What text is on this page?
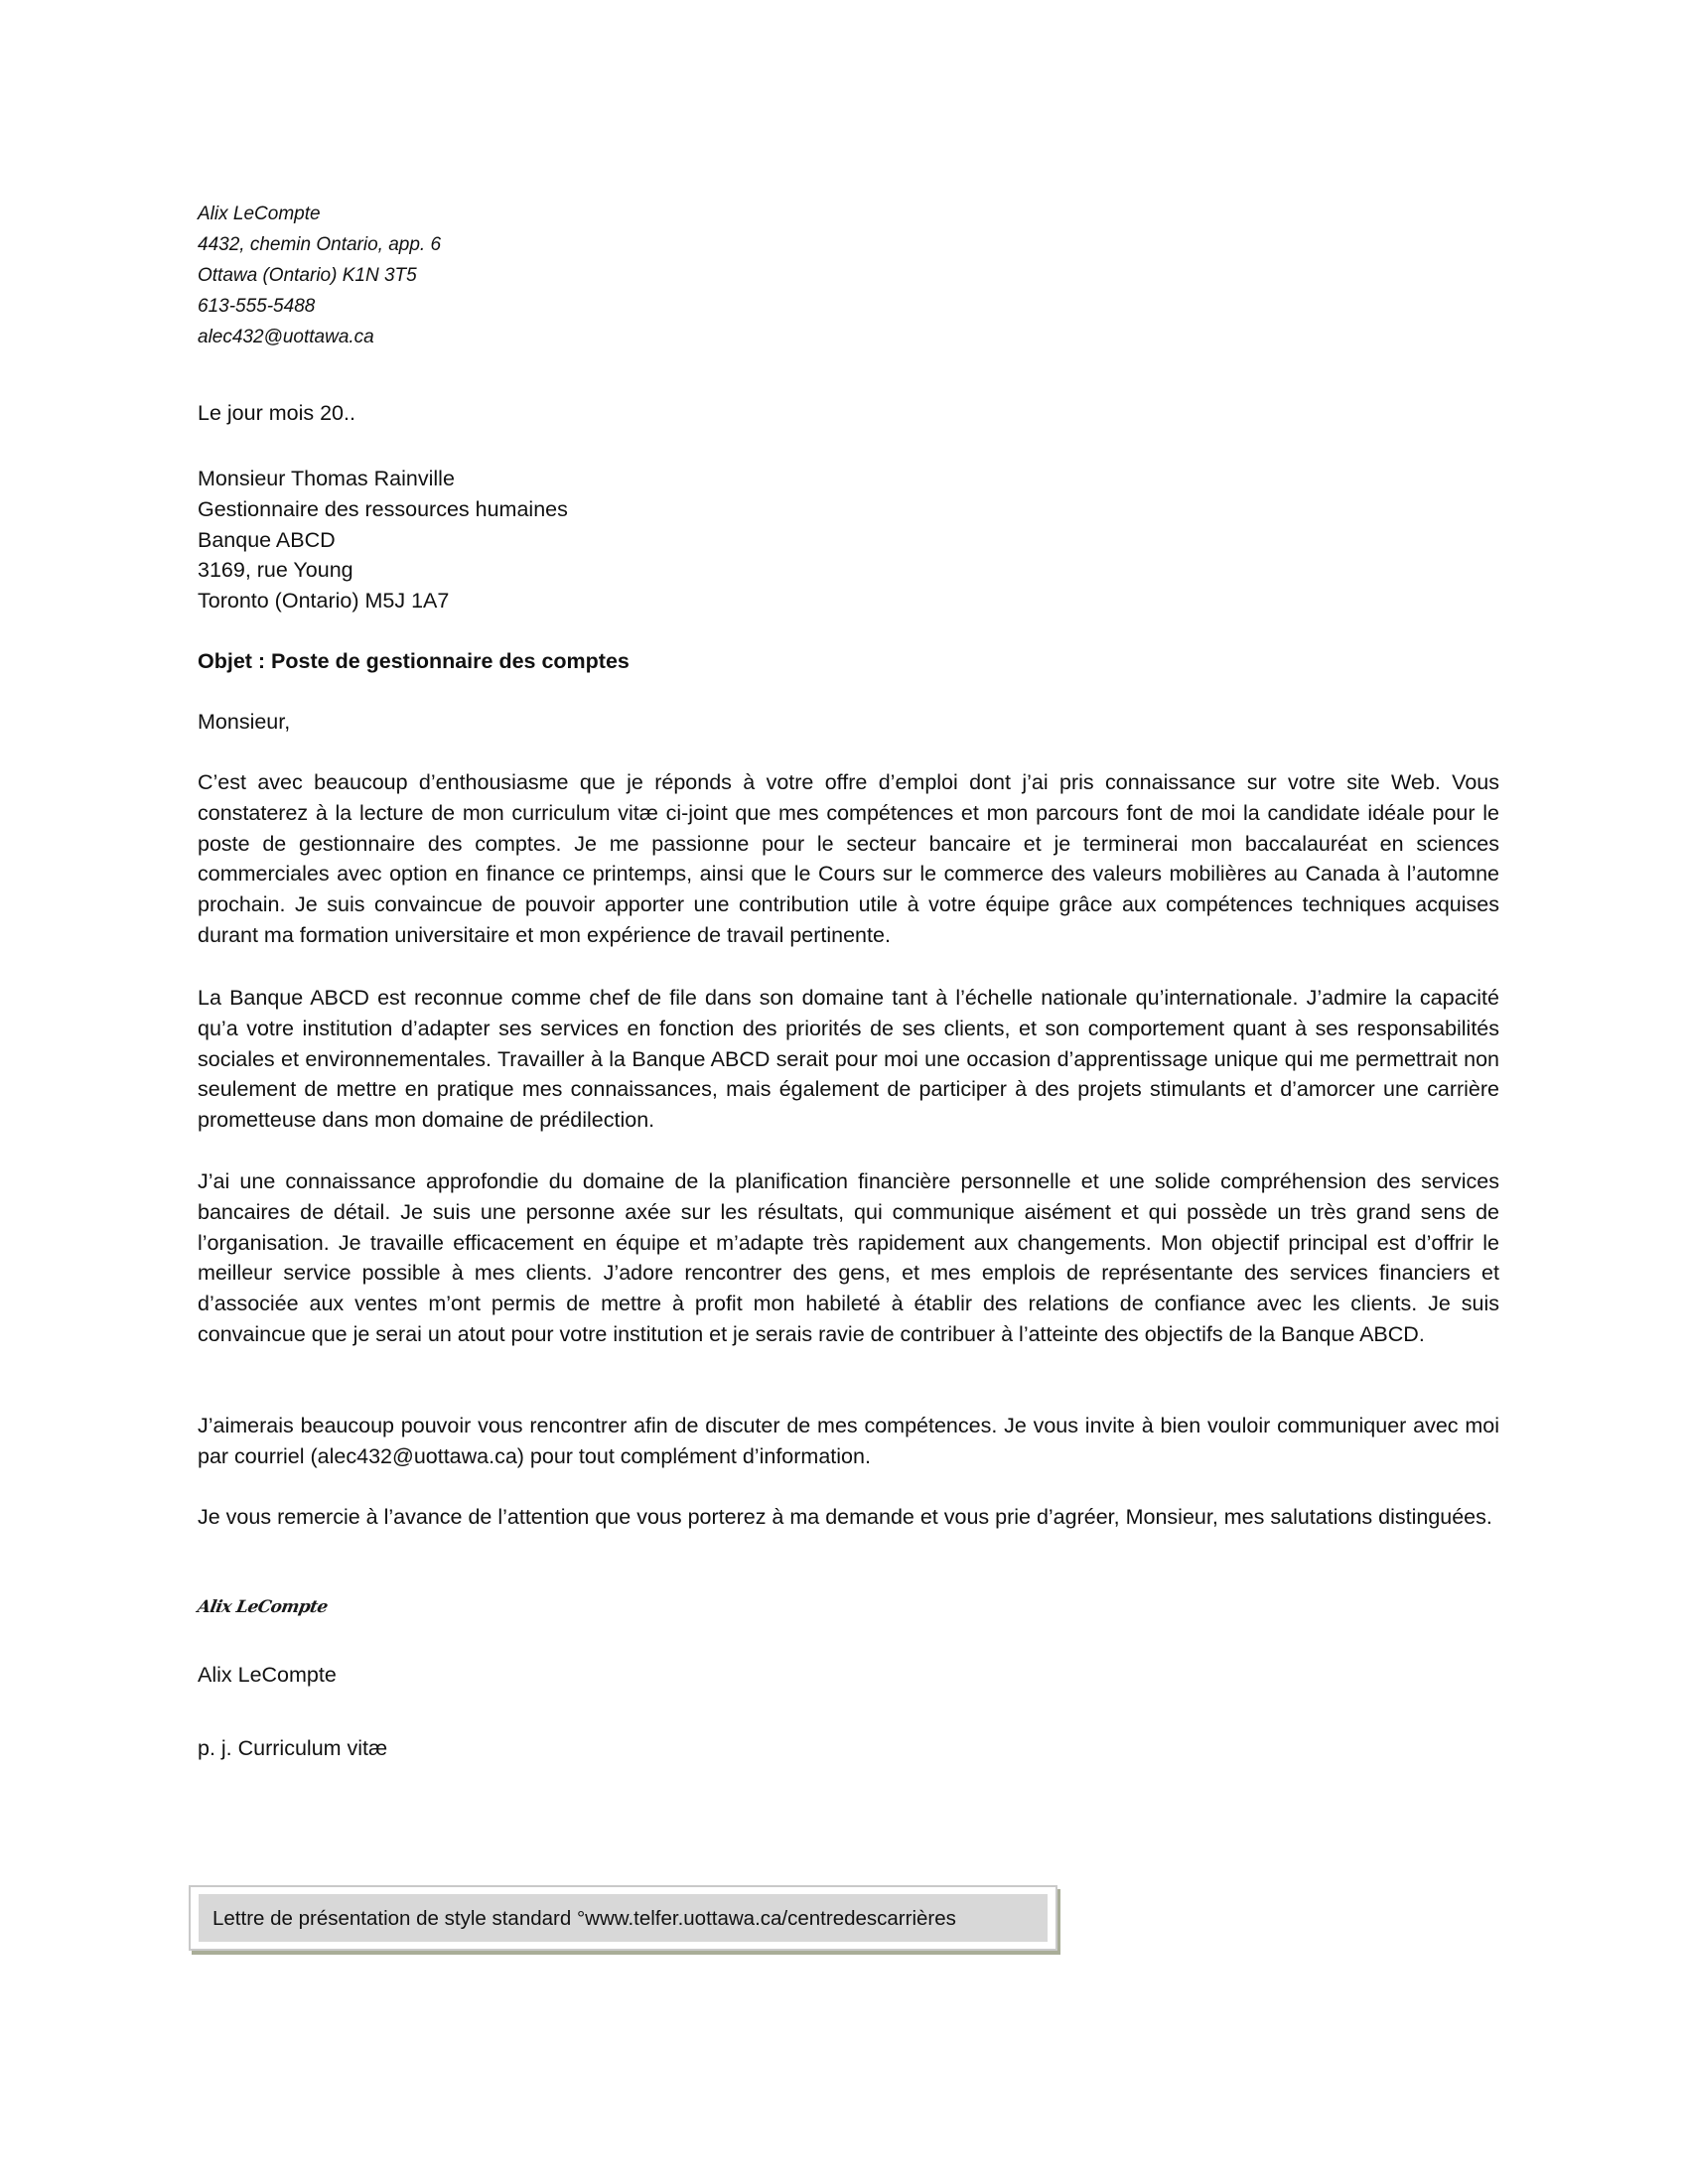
Alix LeCompte
4432, chemin Ontario, app. 6
Ottawa (Ontario) K1N 3T5
613-555-5488
alec432@uottawa.ca
Le jour mois 20..
Monsieur Thomas Rainville
Gestionnaire des ressources humaines
Banque ABCD
3169, rue Young
Toronto (Ontario) M5J 1A7
Objet : Poste de gestionnaire des comptes
Monsieur,
C’est avec beaucoup d’enthousiasme que je réponds à votre offre d’emploi dont j’ai pris connaissance sur votre site Web. Vous constaterez à la lecture de mon curriculum vitæ ci-joint que mes compétences et mon parcours font de moi la candidate idéale pour le poste de gestionnaire des comptes. Je me passionne pour le secteur bancaire et je terminerai mon baccalauréat en sciences commerciales avec option en finance ce printemps, ainsi que le Cours sur le commerce des valeurs mobilières au Canada à l’automne prochain. Je suis convaincue de pouvoir apporter une contribution utile à votre équipe grâce aux compétences techniques acquises durant ma formation universitaire et mon expérience de travail pertinente.
La Banque ABCD est reconnue comme chef de file dans son domaine tant à l’échelle nationale qu’internationale. J’admire la capacité qu’a votre institution d’adapter ses services en fonction des priorités de ses clients, et son comportement quant à ses responsabilités sociales et environnementales. Travailler à la Banque ABCD serait pour moi une occasion d’apprentissage unique qui me permettrait non seulement de mettre en pratique mes connaissances, mais également de participer à des projets stimulants et d’amorcer une carrière prometteuse dans mon domaine de prédilection.
J’ai une connaissance approfondie du domaine de la planification financière personnelle et une solide compréhension des services bancaires de détail. Je suis une personne axée sur les résultats, qui communique aisément et qui possède un très grand sens de l’organisation. Je travaille efficacement en équipe et m’adapte très rapidement aux changements. Mon objectif principal est d’offrir le meilleur service possible à mes clients. J’adore rencontrer des gens, et mes emplois de représentante des services financiers et d’associée aux ventes m’ont permis de mettre à profit mon habileté à établir des relations de confiance avec les clients. Je suis convaincue que je serai un atout pour votre institution et je serais ravie de contribuer à l’atteinte des objectifs de la Banque ABCD.
J’aimerais beaucoup pouvoir vous rencontrer afin de discuter de mes compétences. Je vous invite à bien vouloir communiquer avec moi par courriel (alec432@uottawa.ca) pour tout complément d’information.
Je vous remercie à l’avance de l’attention que vous porterez à ma demande et vous prie d’agréer, Monsieur, mes salutations distinguées.
Alix LeCompte
Alix LeCompte
p. j. Curriculum vitæ
Lettre de présentation de style standard °www.telfer.uottawa.ca/centredescarrières
